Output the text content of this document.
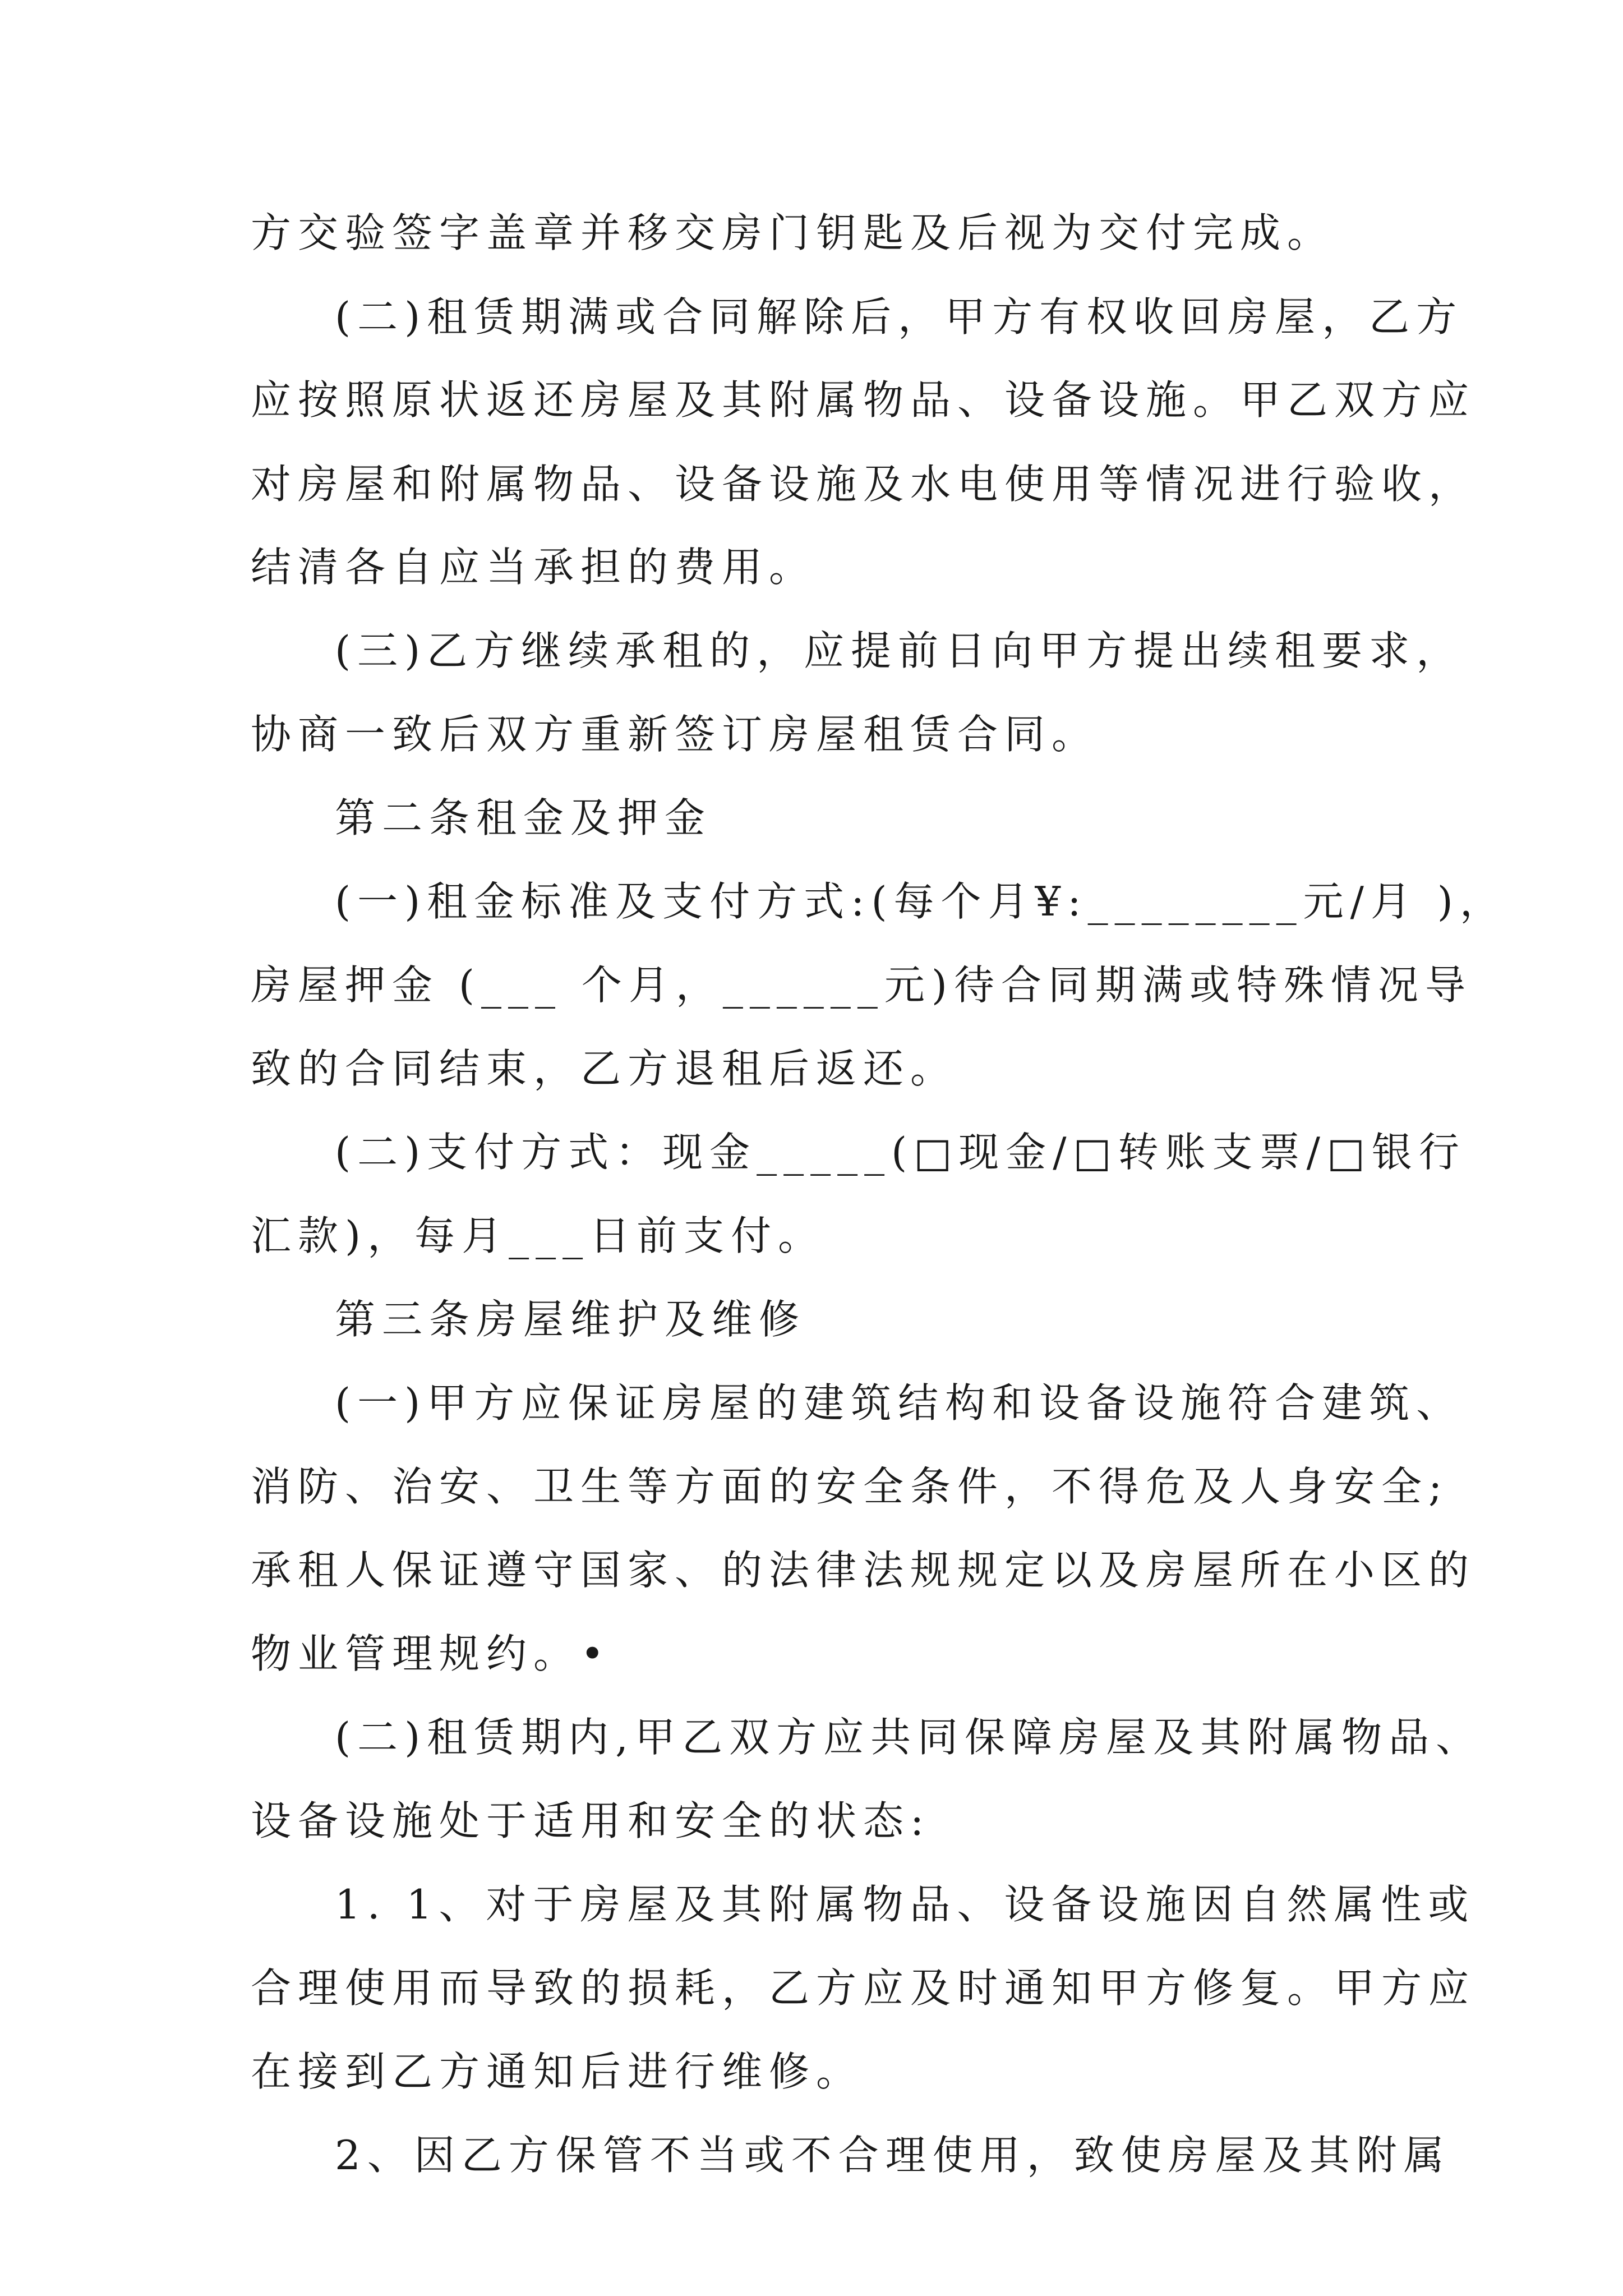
方交验签字盖章并移交房门钥匙及后视为交付完成。
(二)租赁期满或合同解除后，甲方有权收回房屋，乙方
应按照原状返还房屋及其附属物品、设备设施。甲乙双方应
对房屋和附属物品、设备设施及水电使用等情况进行验收，
结清各自应当承担的费用。
(三)乙方继续承租的，应提前日向甲方提出续租要求，
协商一致后双方重新签订房屋租赁合同。
第二条租金及押金
(一)租金标准及支付方式:(每个月¥:________元/月 )，
房屋押金 (___ 个月，______元)待合同期满或特殊情况导
致的合同结束，乙方退租后返还。
(二)支付方式：现金_____(□现金/□转账支票/□银行
汇款)，每月___日前支付。
第三条房屋维护及维修
(一)甲方应保证房屋的建筑结构和设备设施符合建筑、
消防、治安、卫生等方面的安全条件，不得危及人身安全;
承租人保证遵守国家、的法律法规规定以及房屋所在小区的
物业管理规约。•
(二)租赁期内,甲乙双方应共同保障房屋及其附属物品、
设备设施处于适用和安全的状态:
1. 1、对于房屋及其附属物品、设备设施因自然属性或
合理使用而导致的损耗，乙方应及时通知甲方修复。甲方应
在接到乙方通知后进行维修。
2、因乙方保管不当或不合理使用，致使房屋及其附属
